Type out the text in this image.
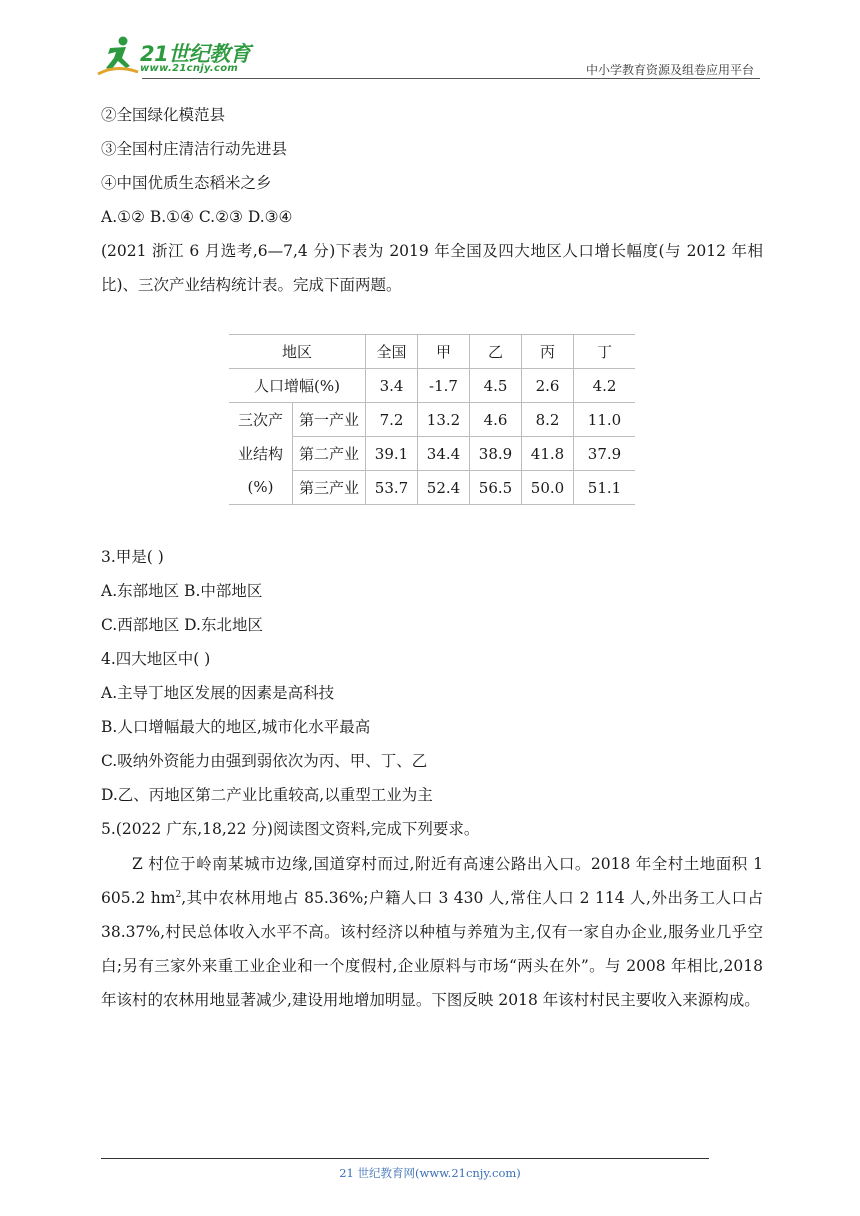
21世纪教育
www.21cnjy.com	中小学教育资源及组卷应用平台
②全国绿化模范县
③全国村庄清洁行动先进县
④中国优质生态稻米之乡
A.①② B.①④ C.②③ D.③④
(2021 浙江 6 月选考,6—7,4 分)下表为 2019 年全国及四大地区人口增长幅度(与 2012 年相比)、三次产业结构统计表。完成下面两题。
地区		全国	甲	乙	丙	丁
人口增幅(%)		3.4	-1.7	4.5	2.6	4.2
三次产	第一产业	7.2	13.2	4.6	8.2	11.0
业结构	第二产业	39.1	34.4	38.9	41.8	37.9
(%)	第三产业	53.7	52.4	56.5	50.0	51.1
3.甲是( )
A.东部地区 B.中部地区
C.西部地区 D.东北地区
4.四大地区中( )
A.主导丁地区发展的因素是高科技
B.人口增幅最大的地区,城市化水平最高
C.吸纳外资能力由强到弱依次为丙、甲、丁、乙
D.乙、丙地区第二产业比重较高,以重型工业为主
5.(2022 广东,18,22 分)阅读图文资料,完成下列要求。
Z 村位于岭南某城市边缘,国道穿村而过,附近有高速公路出入口。2018 年全村土地面积 1 605.2 $hm^2$,其中农林用地占 85.36%;户籍人口 3 430 人,常住人口 2 114 人,外出务工人口占 38.37%,村民总体收入水平不高。该村经济以种植与养殖为主,仅有一家自办企业,服务业几乎空白;另有三家外来重工业企业和一个度假村,企业原料与市场“两头在外”。与 2008 年相比,2018 年该村的农林用地显著减少,建设用地增加明显。下图反映 2018 年该村村民主要收入来源构成。
21 世纪教育网(www.21cnjy.com)
